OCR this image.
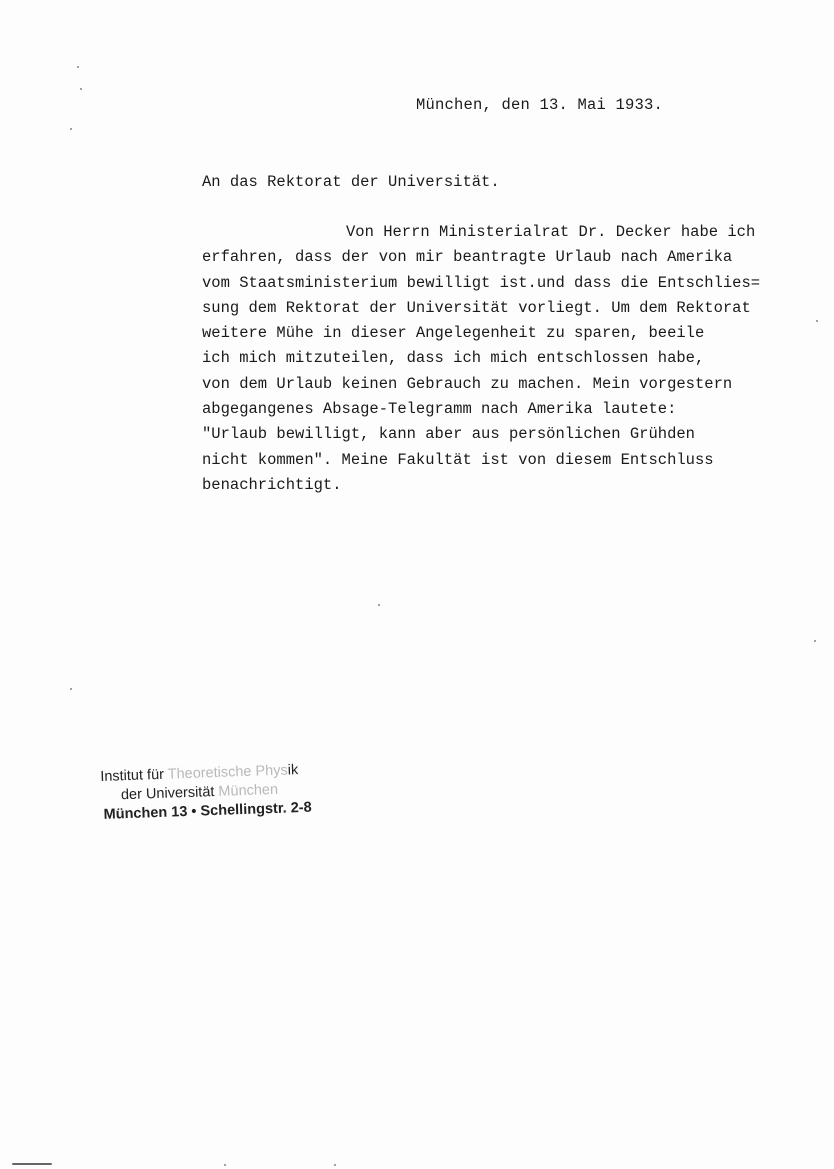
München, den 13. Mai 1933.
An das Rektorat der Universität.
Von Herrn Ministerialrat Dr. Decker habe ich
erfahren, dass der von mir beantragte Urlaub nach Amerika
vom Staatsministerium bewilligt ist.und dass die Entschlies=
sung dem Rektorat der Universität vorliegt. Um dem Rektorat
weitere Mühe in dieser Angelegenheit zu sparen, beeile
ich mich mitzuteilen, dass ich mich entschlossen habe,
von dem Urlaub keinen Gebrauch zu machen. Mein vorgestern
abgegangenes Absage-Telegramm nach Amerika lautete:
"Urlaub bewilligt, kann aber aus persönlichen Grühden
nicht kommen". Meine Fakultät ist von diesem Entschluss
benachrichtigt.
Institut für Theoretische Physik
der Universität München
München 13 • Schellingstr. 2-8
